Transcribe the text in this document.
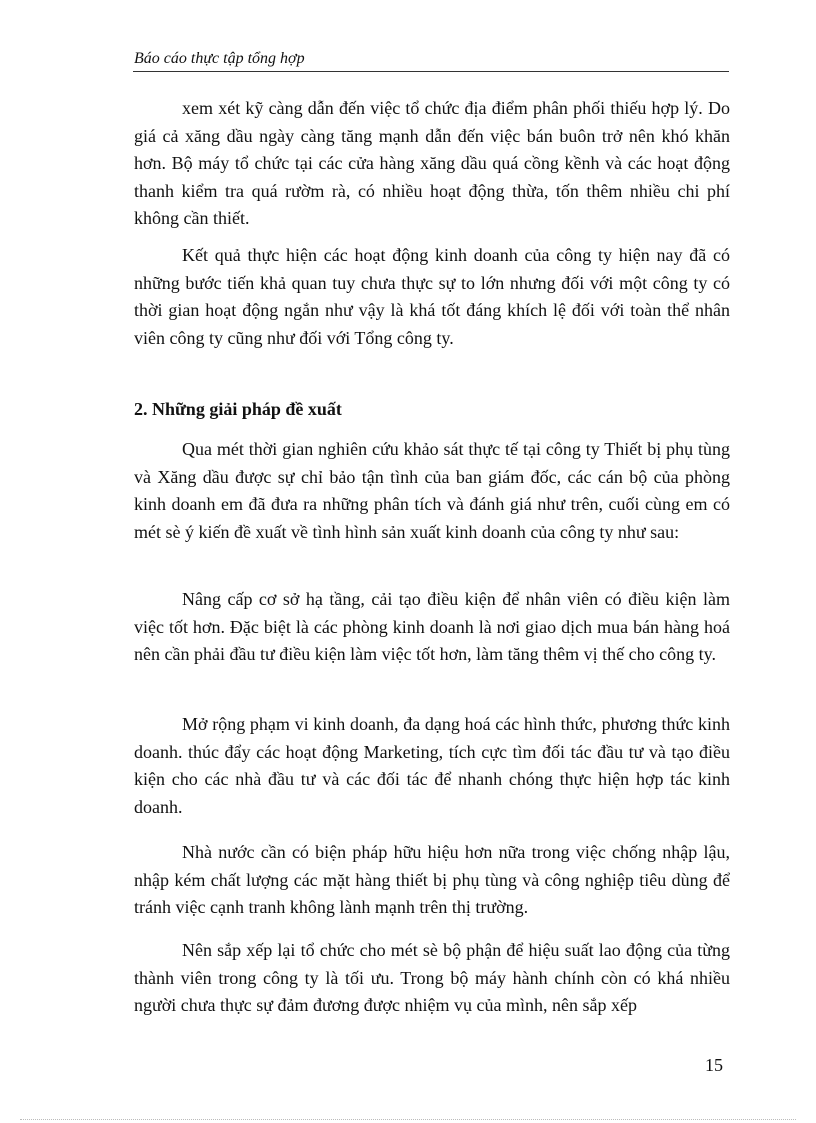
Báo cáo thực tập tổng hợp

xem xét kỹ càng dẫn đến việc tổ chức địa điểm phân phối thiếu hợp lý. Do giá cả xăng dầu ngày càng tăng mạnh dẫn đến việc bán buôn trở nên khó khăn hơn. Bộ máy tổ chức tại các cửa hàng xăng dầu quá cồng kềnh và các hoạt động thanh kiểm tra quá rườm rà, có nhiều hoạt động thừa, tốn thêm nhiều chi phí không cần thiết.

Kết quả thực hiện các hoạt động kinh doanh của công ty hiện nay đã có những bước tiến khả quan tuy chưa thực sự to lớn nhưng đối với một công ty có thời gian hoạt động ngắn như vậy là khá tốt đáng khích lệ đối với toàn thể nhân viên công ty cũng như đối với Tổng công ty.

2. Những giải pháp đề xuất

Qua mét thời gian nghiên cứu khảo sát thực tế tại công ty Thiết bị phụ tùng và Xăng dầu được sự chỉ bảo tận tình của ban giám đốc, các cán bộ của phòng kinh doanh em đã đưa ra những phân tích và đánh giá như trên, cuối cùng em có mét sè ý kiến đề xuất về tình hình sản xuất kinh doanh của công ty như sau:

Nâng cấp cơ sở hạ tầng, cải tạo điều kiện để nhân viên có điều kiện làm việc tốt hơn. Đặc biệt là các phòng kinh doanh là nơi giao dịch mua bán hàng hoá nên cần phải đầu tư điều kiện làm việc tốt hơn, làm tăng thêm vị thế cho công ty.

Mở rộng phạm vi kinh doanh, đa dạng hoá các hình thức, phương thức kinh doanh. thúc đẩy các hoạt động Marketing, tích cực tìm đối tác đầu tư và tạo điều kiện cho các nhà đầu tư và các đối tác để nhanh chóng thực hiện hợp tác kinh doanh.

Nhà nước cần có biện pháp hữu hiệu hơn nữa trong việc chống nhập lậu, nhập kém chất lượng các mặt hàng thiết bị phụ tùng và công nghiệp tiêu dùng để tránh việc cạnh tranh không lành mạnh trên thị trường.

Nên sắp xếp lại tổ chức cho mét sè bộ phận để hiệu suất lao động của từng thành viên trong công ty là tối ưu. Trong bộ máy hành chính còn có khá nhiều người chưa thực sự đảm đương được nhiệm vụ của mình, nên sắp xếp

15
